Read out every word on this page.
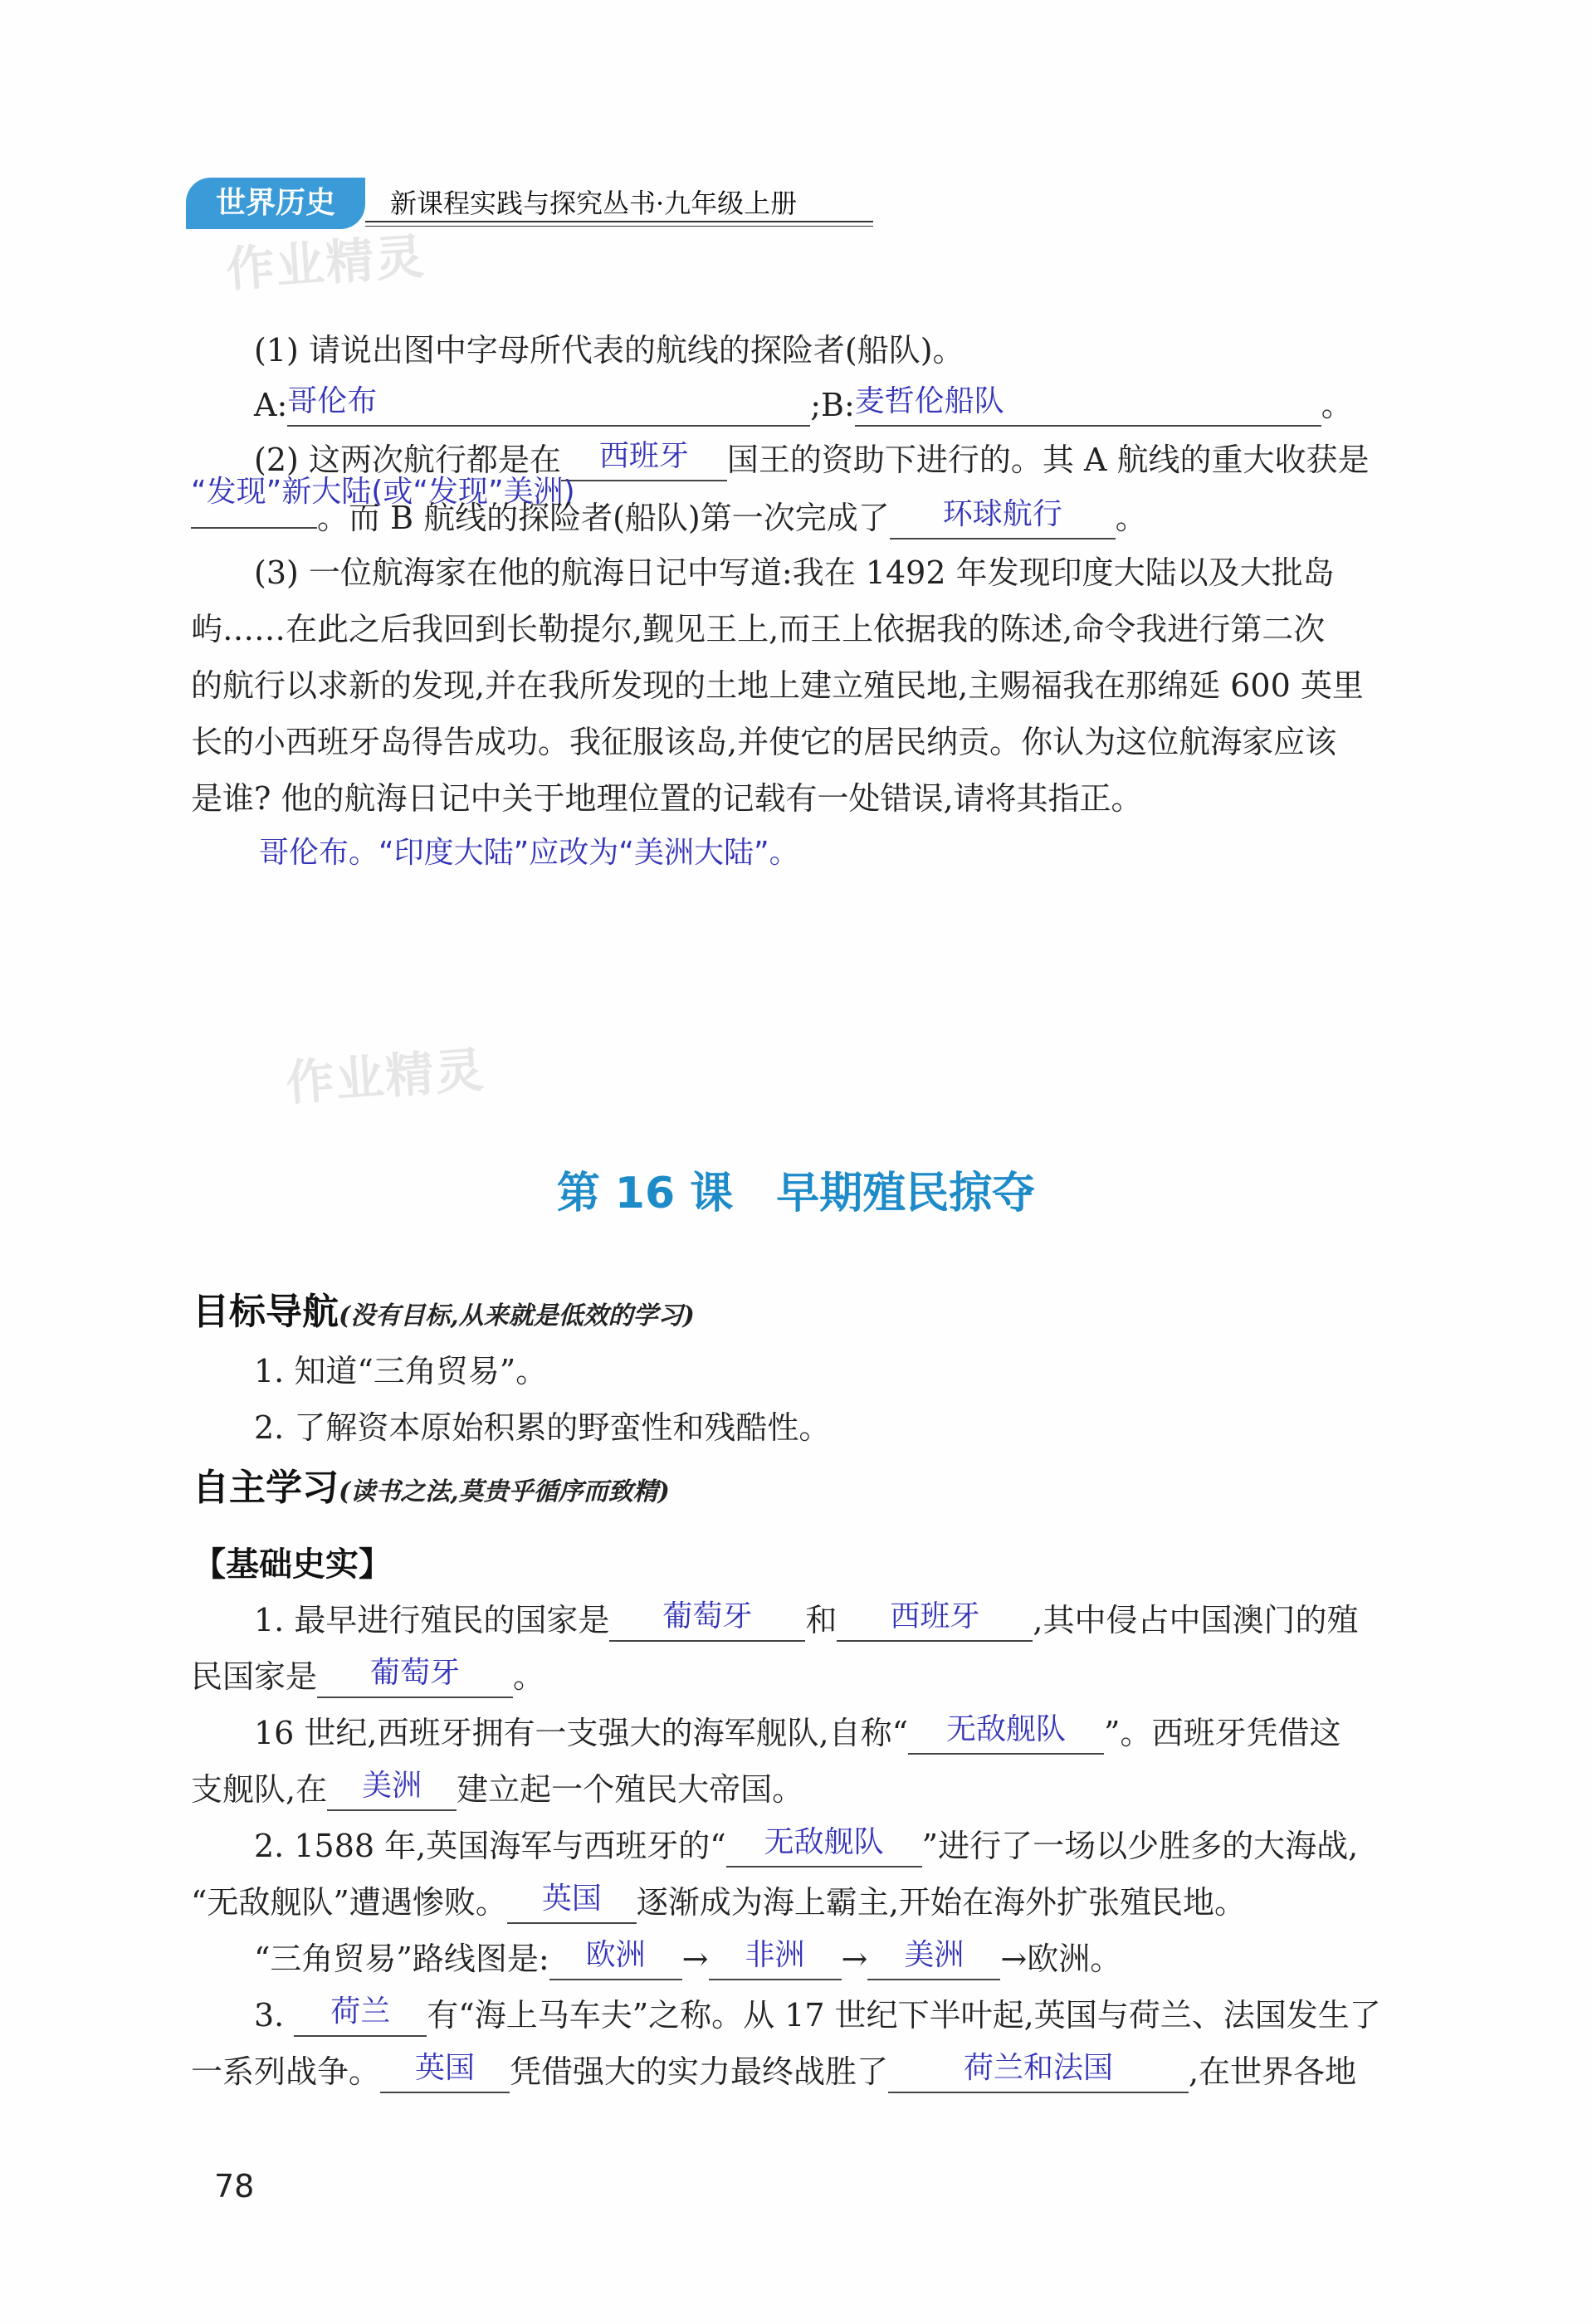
世界历史	新课程实践与探究丛书·九年级上册
作业精灵
(1) 请说出图中字母所代表的航线的探险者(船队)。
A:哥伦布	;B:麦哲伦船队	。
(2) 这两次航行都是在 西班牙 国王的资助下进行的。其 A 航线的重大收获是
“发现”新大陆(或“发现”美洲)
。而 B 航线的探险者(船队)第一次完成了 环球航行 。
(3) 一位航海家在他的航海日记中写道:我在 1492 年发现印度大陆以及大批岛
屿……在此之后我回到长勒提尔,觐见王上,而王上依据我的陈述,命令我进行第二次
的航行以求新的发现,并在我所发现的土地上建立殖民地,主赐福我在那绵延 600 英里
长的小西班牙岛得告成功。我征服该岛,并使它的居民纳贡。你认为这位航海家应该
是谁? 他的航海日记中关于地理位置的记载有一处错误,请将其指正。
哥伦布。“印度大陆”应改为“美洲大陆”。
作业精灵
第 16 课　早期殖民掠夺
目标导航(没有目标,从来就是低效的学习)
1. 知道“三角贸易”。
2. 了解资本原始积累的野蛮性和残酷性。
自主学习(读书之法,莫贵乎循序而致精)
【基础史实】
1. 最早进行殖民的国家是 葡萄牙 和 西班牙 ,其中侵占中国澳门的殖
民国家是 葡萄牙 。
16 世纪,西班牙拥有一支强大的海军舰队,自称“ 无敌舰队 ”。西班牙凭借这
支舰队,在 美洲 建立起一个殖民大帝国。
2. 1588 年,英国海军与西班牙的“ 无敌舰队 ”进行了一场以少胜多的大海战,
“无敌舰队”遭遇惨败。 英国 逐渐成为海上霸主,开始在海外扩张殖民地。
“三角贸易”路线图是: 欧洲 → 非洲 → 美洲 →欧洲。
3. 荷兰 有“海上马车夫”之称。从 17 世纪下半叶起,英国与荷兰、法国发生了
一系列战争。 英国 凭借强大的实力最终战胜了	荷兰和法国 ,在世界各地
78
